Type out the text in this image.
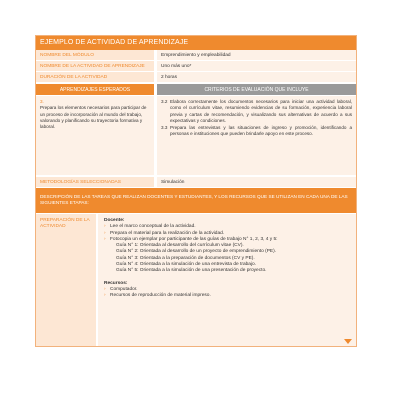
EJEMPLO DE ACTIVIDAD DE APRENDIZAJE
NOMBRE DEL MÓDULO	Emprendimiento y empleabilidad
NOMBRE DE LA ACTIVIDAD DE APRENDIZAJE	Uno más uno*
DURACIÓN DE LA ACTIVIDAD	2 horas
APRENDIZAJES ESPERADOS	CRITERIOS DE EVALUACIÓN QUE INCLUYE
3.
Prepara los elementos necesarios para participar de un proceso de incorporación al mundo del trabajo, valorando y planificando su trayectoria formativa y laboral.
3.2 Elabora correctamente los documentos necesarios para iniciar una actividad laboral, como el currículum vitae, resumiendo evidencias de su formación, experiencia laboral previa y cartas de recomendación, y visualizando sus alternativas de acuerdo a sus expectativas y condiciones.
3.3 Prepara las entrevistas y las situaciones de ingreso y promoción, identificando a personas e instituciones que pueden brindarle apoyo en este proceso.
METODOLOGÍAS SELECCIONADAS	Simulación
DESCRIPCIÓN DE LAS TAREAS QUE REALIZAN DOCENTES Y ESTUDIANTES, Y LOS RECURSOS QUE SE UTILIZAN EN CADA UNA DE LAS SIGUIENTES ETAPAS:
PREPARACIÓN DE LA ACTIVIDAD
Docente:
› Lee el marco conceptual de la actividad.
› Prepara el material para la realización de la actividad.
› Fotocopia un ejemplar por participante de las guías de trabajo N° 1, 2, 3, 4 y 5:
Guía N° 1: Orientada al desarrollo del currículum vitae (CV).
Guía N° 2: Orientada al desarrollo de un proyecto de emprendimiento (PE).
Guía N° 3: Orientada a la preparación de documentos (CV y PE).
Guía N° 4: Orientada a la simulación de una entrevista de trabajo.
Guía N° 5: Orientada a la simulación de una presentación de proyecto.
Recursos:
› Computador.
› Recursos de reproducción de material impreso.
